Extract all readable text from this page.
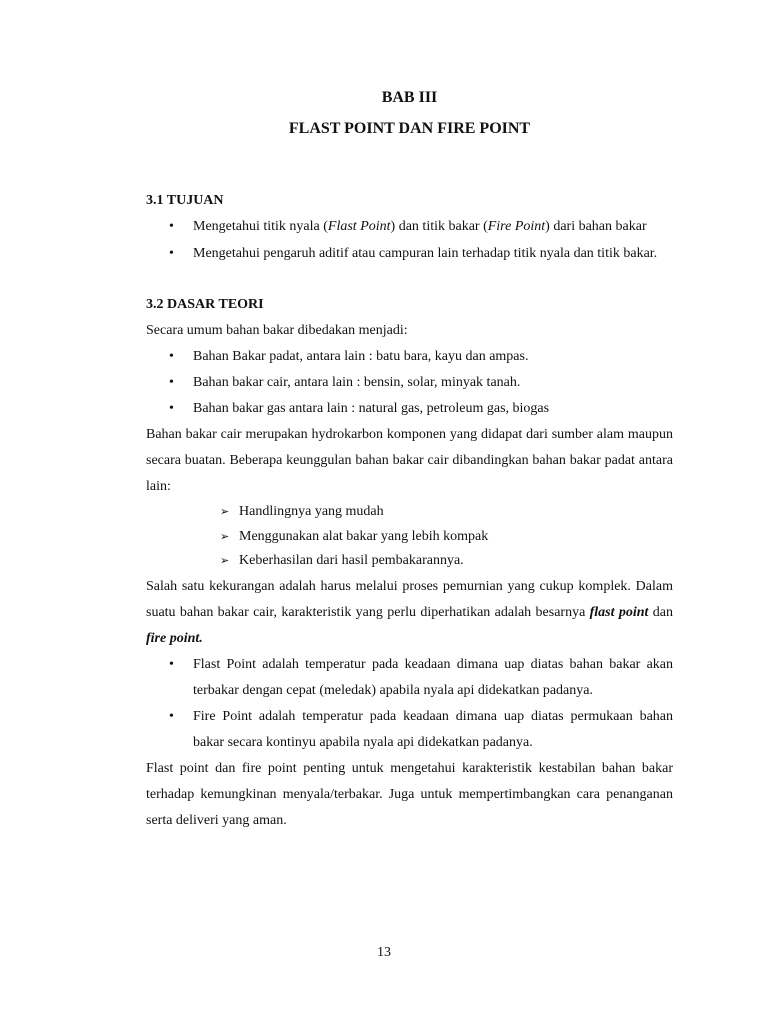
BAB III

FLAST POINT DAN FIRE POINT

3.1 TUJUAN

• Mengetahui titik nyala (Flast Point) dan titik bakar (Fire Point) dari bahan bakar
• Mengetahui pengaruh aditif atau campuran lain terhadap titik nyala dan titik bakar.

3.2 DASAR TEORI

Secara umum bahan bakar dibedakan menjadi:

• Bahan Bakar padat, antara lain : batu bara, kayu dan ampas.
• Bahan bakar cair, antara lain : bensin, solar, minyak tanah.
• Bahan bakar gas antara lain : natural gas, petroleum gas, biogas

Bahan bakar cair merupakan hydrokarbon komponen yang didapat dari sumber alam maupun secara buatan. Beberapa keunggulan bahan bakar cair dibandingkan bahan bakar padat antara lain:

➢ Handlingnya yang mudah
➢ Menggunakan alat bakar yang lebih kompak
➢ Keberhasilan dari hasil pembakarannya.

Salah satu kekurangan adalah harus melalui proses pemurnian yang cukup komplek. Dalam suatu bahan bakar cair, karakteristik yang perlu diperhatikan adalah besarnya flast point dan fire point.

• Flast Point adalah temperatur pada keadaan dimana uap diatas bahan bakar akan terbakar dengan cepat (meledak) apabila nyala api didekatkan padanya.
• Fire Point adalah temperatur pada keadaan dimana uap diatas permukaan bahan bakar secara kontinyu apabila nyala api didekatkan padanya.

Flast point dan fire point penting untuk mengetahui karakteristik kestabilan bahan bakar terhadap kemungkinan menyala/terbakar. Juga untuk mempertimbangkan cara penanganan serta deliveri yang aman.

13
